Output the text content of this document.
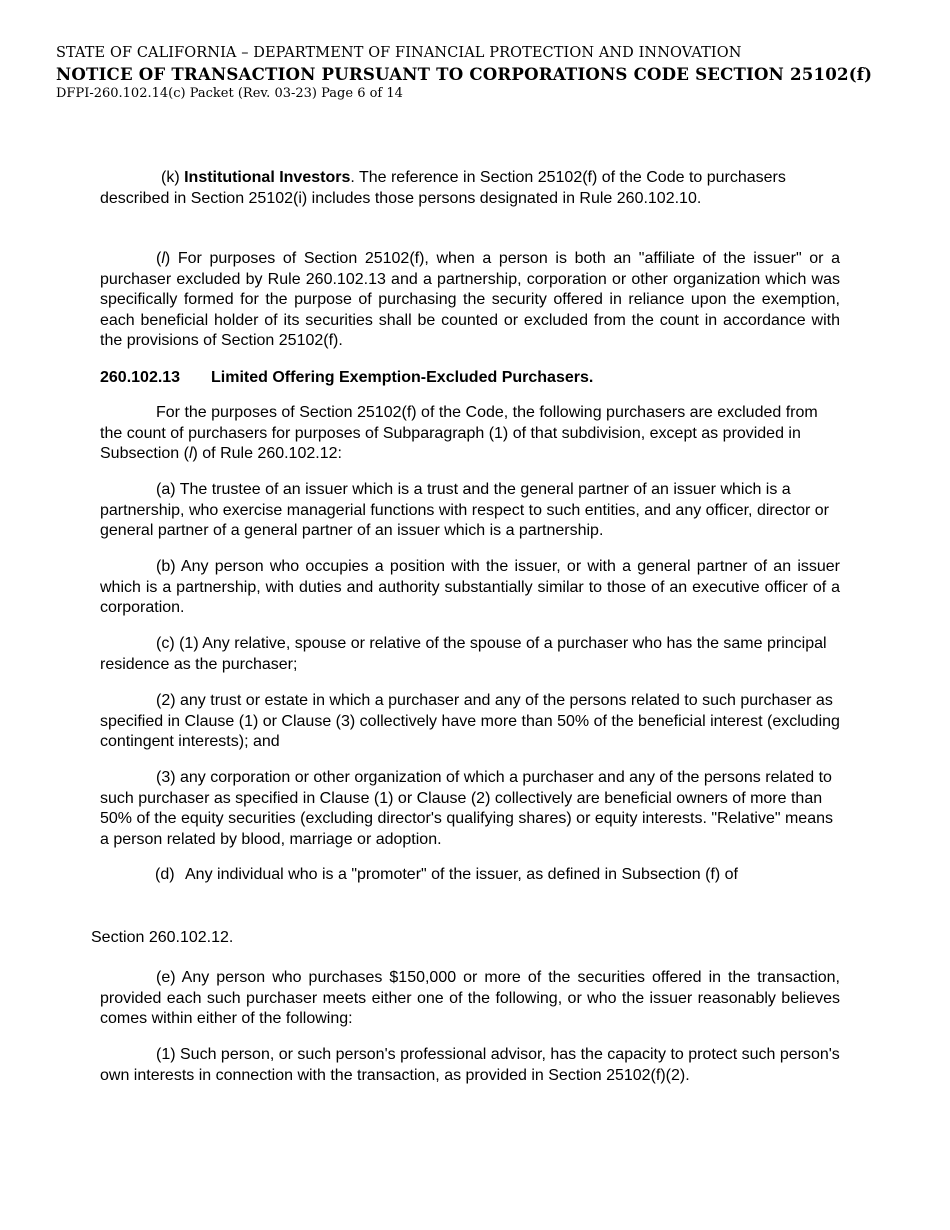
STATE OF CALIFORNIA – DEPARTMENT OF FINANCIAL PROTECTION AND INNOVATION
NOTICE OF TRANSACTION PURSUANT TO CORPORATIONS CODE SECTION 25102(f)
DFPI-260.102.14(c) Packet (Rev. 03-23) Page 6 of 14

(k) Institutional Investors. The reference in Section 25102(f) of the Code to purchasers described in Section 25102(i) includes those persons designated in Rule 260.102.10.

(l) For purposes of Section 25102(f), when a person is both an "affiliate of the issuer" or a purchaser excluded by Rule 260.102.13 and a partnership, corporation or other organization which was specifically formed for the purpose of purchasing the security offered in reliance upon the exemption, each beneficial holder of its securities shall be counted or excluded from the count in accordance with the provisions of Section 25102(f).

260.102.13 Limited Offering Exemption-Excluded Purchasers.

For the purposes of Section 25102(f) of the Code, the following purchasers are excluded from the count of purchasers for purposes of Subparagraph (1) of that subdivision, except as provided in Subsection (l) of Rule 260.102.12:

(a) The trustee of an issuer which is a trust and the general partner of an issuer which is a partnership, who exercise managerial functions with respect to such entities, and any officer, director or general partner of a general partner of an issuer which is a partnership.

(b) Any person who occupies a position with the issuer, or with a general partner of an issuer which is a partnership, with duties and authority substantially similar to those of an executive officer of a corporation.

(c) (1) Any relative, spouse or relative of the spouse of a purchaser who has the same principal residence as the purchaser;

(2) any trust or estate in which a purchaser and any of the persons related to such purchaser as specified in Clause (1) or Clause (3) collectively have more than 50% of the beneficial interest (excluding contingent interests); and

(3) any corporation or other organization of which a purchaser and any of the persons related to such purchaser as specified in Clause (1) or Clause (2) collectively are beneficial owners of more than 50% of the equity securities (excluding director's qualifying shares) or equity interests. "Relative" means a person related by blood, marriage or adoption.

(d) Any individual who is a "promoter" of the issuer, as defined in Subsection (f) of

Section 260.102.12.

(e) Any person who purchases $150,000 or more of the securities offered in the transaction, provided each such purchaser meets either one of the following, or who the issuer reasonably believes comes within either of the following:

(1) Such person, or such person's professional advisor, has the capacity to protect such person's own interests in connection with the transaction, as provided in Section 25102(f)(2).
